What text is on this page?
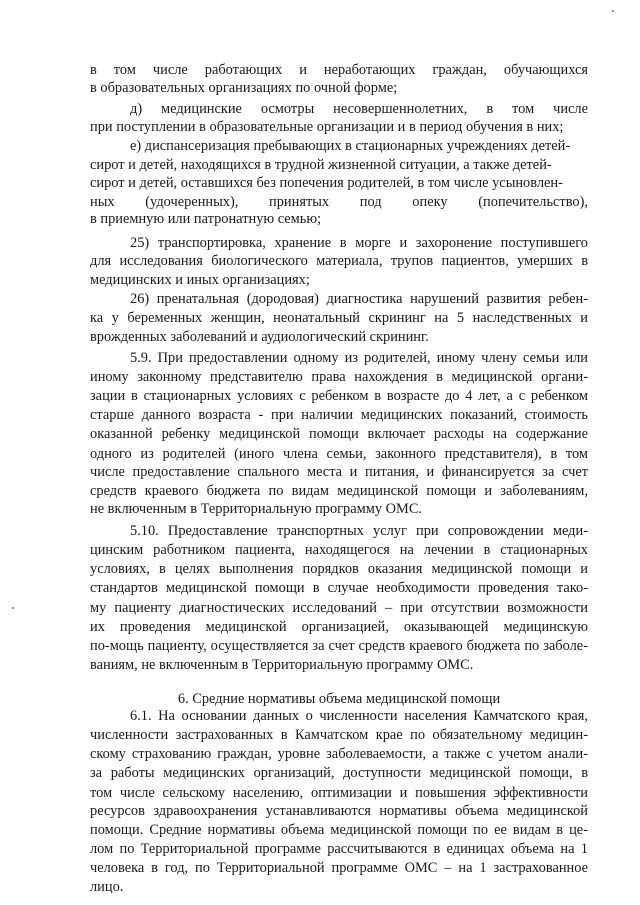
в том числе работающих и неработающих граждан, обучающихся
в образовательных организациях по очной форме;
д) медицинские осмотры несовершеннолетних, в том числе
при поступлении в образовательные организации и в период обучения в них;
е) диспансеризация пребывающих в стационарных учреждениях детей-
сирот и детей, находящихся в трудной жизненной ситуации, а также детей-
сирот и детей, оставшихся без попечения родителей, в том числе усыновлен-
ных (удочеренных), принятых под опеку (попечительство),
в приемную или патронатную семью;
25) транспортировка, хранение в морге и захоронение поступившего
для исследования биологического материала, трупов пациентов, умерших в
медицинских и иных организациях;
26) пренатальная (дородовая) диагностика нарушений развития ребен-
ка у беременных женщин, неонатальный скрининг на 5 наследственных и
врожденных заболеваний и аудиологический скрининг.
5.9. При предоставлении одному из родителей, иному члену семьи или
иному законному представителю права нахождения в медицинской органи-
зации в стационарных условиях с ребенком в возрасте до 4 лет, а с ребенком
старше данного возраста - при наличии медицинских показаний, стоимость
оказанной ребенку медицинской помощи включает расходы на содержание
одного из родителей (иного члена семьи, законного представителя), в том
числе предоставление спального места и питания, и финансируется за счет
средств краевого бюджета по видам медицинской помощи и заболеваниям,
не включенным в Территориальную программу ОМС.
5.10. Предоставление транспортных услуг при сопровождении меди-
цинским работником пациента, находящегося на лечении в стационарных
условиях, в целях выполнения порядков оказания медицинской помощи и
стандартов медицинской помощи в случае необходимости проведения тако-
му пациенту диагностических исследований – при отсутствии возможности
их проведения медицинской организацией, оказывающей медицинскую
по-мощь пациенту, осуществляется за счет средств краевого бюджета по заболе-
ваниям, не включенным в Территориальную программу ОМС.
6. Средние нормативы объема медицинской помощи
6.1. На основании данных о численности населения Камчатского края,
численности застрахованных в Камчатском крае по обязательному медицин-
скому страхованию граждан, уровне заболеваемости, а также с учетом анали-
за работы медицинских организаций, доступности медицинской помощи, в
том числе сельскому населению, оптимизации и повышения эффективности
ресурсов здравоохранения устанавливаются нормативы объема медицинской
помощи. Средние нормативы объема медицинской помощи по ее видам в це-
лом по Территориальной программе рассчитываются в единицах объема на 1
человека в год, по Территориальной программе ОМС – на 1 застрахованное
лицо.
